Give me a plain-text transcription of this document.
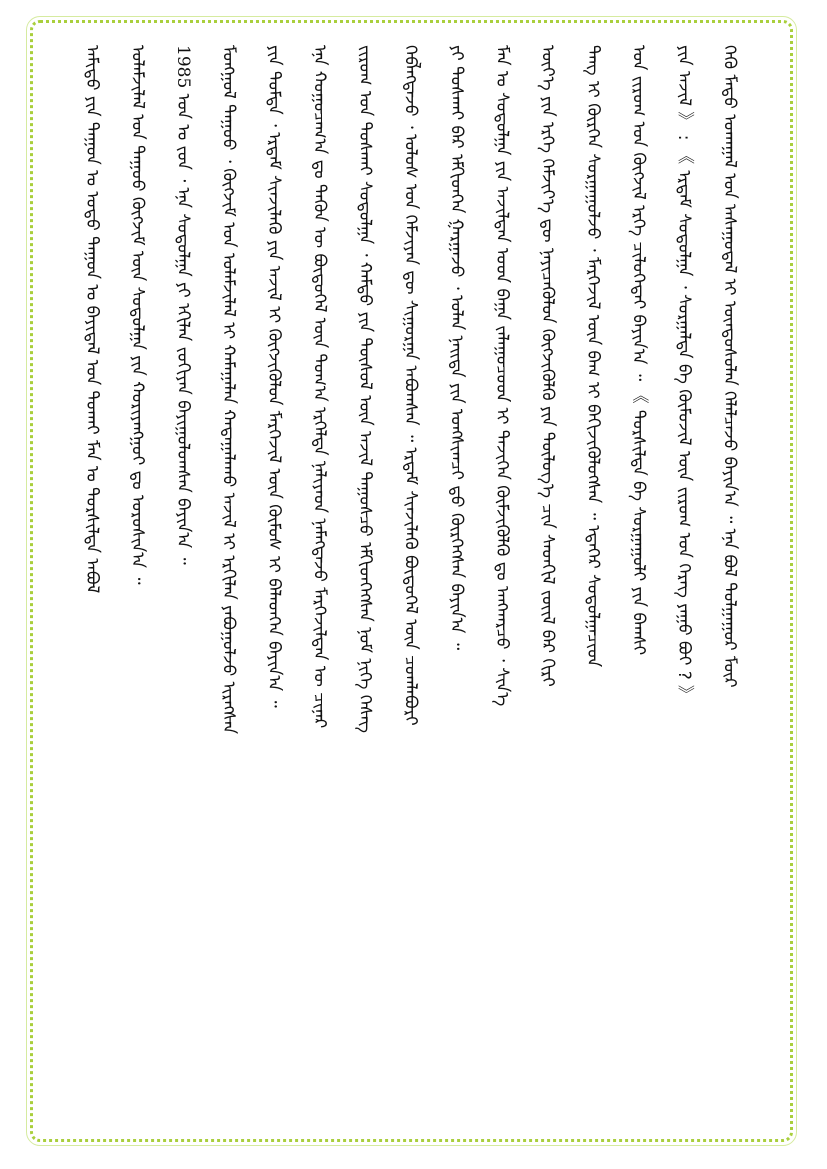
ᠠᠮᠢᠳᠤ ᠶᠢᠨ ᠲᠠᠭᠤᠨ ᠤ ᠣᠳᠣ ᠳᠠᠭᠤᠨ ᠤ ᠪᠠᠶᠢᠳᠠᠯ ᠤᠨ ᠲᠤᠬᠠᠢ ᠮᠠᠨ ᠤ ᠲᠤᠷᠰᠢᠯᠲᠠ ᠠᠪᠤᠯ	ᠤᠯᠠᠮᠵᠢᠯᠠᠯ ᠤᠨ ᠳᠠᠭᠤᠤ ᠬᠥᠭᠵᠢᠮ ᠦᠨ ᠰᠤᠳᠤᠯᠭᠠ ᠶᠢᠨ ᠬᠤᠷᠢᠶᠠᠩᠭᠤᠢ ᠳᠤ ᠣᠷᠤᠰᠢᠨ᠎ᠠ ᠃	1985 ᠣᠨ ᠤ ᠵᠤᠨ ᠂ ᠡᠨᠡ ᠰᠤᠳᠤᠯᠭᠠ ᠶᠢ ᠡᠬᠢᠯᠡᠨ ᠵᠤᠬᠢᠶᠠᠨ ᠪᠠᠶᠢᠭᠤᠯᠤᠭᠰᠠᠨ ᠪᠠᠶᠢᠨ᠎ᠠ ᠃	ᠮᠣᠩᠭᠤᠯ ᠳᠠᠭᠤᠤ ᠂ ᠬᠥᠭᠵᠢᠮ ᠤᠨ ᠤᠯᠠᠮᠵᠢᠯᠠᠯ ᠢ ᠬᠠᠮᠠᠭᠠᠯᠠᠨ ᠬᠠᠳᠠᠭᠠᠯᠠᠬᠤ ᠠᠵᠢᠯ ᠢ ᠡᠷᠬᠢᠯᠡᠨ ᠶᠠᠪᠤᠭᠤᠯᠵᠤ ᠢᠷᠡᠭᠰᠡᠨ	ᠶᠢᠨ ᠳᠤᠮᠳᠠ ᠂ ᠡᠷᠳᠡᠮ ᠰᠢᠨᠵᠢᠯᠡᠬᠦ ᠶᠢᠨ ᠠᠵᠢᠯ ᠢ ᠬᠥᠭᠵᠢᠭᠦᠯᠦᠨ ᠮᠡᠷᠭᠡᠵᠢᠯ ᠦᠨ ᠬᠦᠮᠦᠰ ᠢ ᠪᠡᠯᠡᠳᠬᠡᠨ ᠪᠠᠶᠢᠨ᠎ᠠ ᠃	ᠡᠨᠡ ᠬᠤᠭᠤᠴᠠᠭ᠎ᠠ ᠳᠤ ᠲᠡᠭᠦᠨ ᠦ ᠪᠦᠲᠦᠭᠡᠯ ᠦᠨ ᠲᠣᠭ᠎ᠠ ᠡᠷᠭᠡᠯᠲᠡ ᠨᠡᠯᠢᠶᠡᠳ ᠨᠡᠮᠡᠭᠳᠡᠵᠦ ᠮᠡᠷᠭᠡᠵᠢᠯᠲᠡᠨ ᠦ ᠴᠢᠨᠠᠷ	ᠵᠢᠷᠤᠭ ᠤᠨ ᠲᠤᠰᠬᠠᠢ ᠰᠤᠳᠤᠯᠭᠠ ᠂ ᠬᠠᠮᠲᠤ ᠶᠢᠨ ᠲᠥᠰᠥᠯ ᠦᠨ ᠠᠵᠢᠯ ᠳᠠᠭᠤᠰᠴᠤ ᠡᠮᠬᠢᠳᠬᠡᠭᠰᠡᠨ ᠨᠣᠮ ᠨᠢᠭᠡ ᠬᠡᠰᠡᠭ	ᠬᠡᠪᠯᠡᠭᠳᠡᠵᠦ ᠂ ᠤᠯᠤᠰ ᠤᠨ ᠬᠡᠮᠵᠢᠶᠡᠨ ᠳᠦ ᠰᠢᠭᠤᠷᠭᠠ ᠠᠪᠤᠭᠰᠠᠨ ᠃ ᠡᠷᠳᠡᠮ ᠰᠢᠨᠵᠢᠯᠡᠬᠦ ᠪᠦᠲᠦᠭᠡᠯ ᠦᠨ ᠴᠤᠭᠯᠠᠪᠤᠷᠢ	ᠶᠢ ᠲᠤᠰᠬᠠᠢ ᠪᠠᠷ ᠡᠮᠬᠢᠳᠬᠡᠨ ᠭᠠᠷᠭᠠᠵᠤ ᠂ ᠣᠯᠠᠨ ᠨᠡᠢᠲᠡ ᠶᠢᠨ ᠤᠩᠰᠢᠭᠴᠢ ᠳ᠋ᠤ ᠬᠦᠷᠭᠡᠭᠰᠡᠨ ᠪᠠᠶᠢᠨ᠎ᠠ ᠃	ᠮᠠᠨ ᠤ ᠰᠤᠳᠤᠯᠭᠠ ᠶᠢᠨ ᠠᠵᠢᠯᠲᠠᠨ ᠤᠳ ᠪᠠᠭᠠ ᠵᠠᠯᠠᠭᠤᠴᠤᠳ ᠢ ᠲᠡᠵᠢᠭᠡᠨ ᠬᠥᠮᠵᠢᠭᠦᠯᠬᠦ ᠳᠤ ᠠᠩᠬᠠᠷᠴᠤ ᠂ ᠰᠢᠨ᠎ᠡ	ᠦᠶ᠎ᠡ ᠶᠢᠨ ᠡᠷᠬᠡ ᠬᠡᠮᠵᠢᠶ᠎ᠡ ᠳᠦ ᠨᠡᠶᠢᠴᠡᠭᠦᠯᠦᠨ ᠬᠥᠭᠵᠢᠭᠦᠯᠬᠦ ᠶᠢᠨ ᠲᠥᠯᠥᠭ᠎ᠡ ᠴᠢᠨ ᠰᠡᠳᠬᠢᠯ ᠵᠦᠢᠯ ᠪᠠᠷ ᠬᠢᠷᠢ	ᠲᠡᠩ ᠢ ᠬᠦᠷᠭᠡᠨ ᠰᠤᠷᠭᠠᠭᠤᠯᠵᠤ ᠂ ᠮᠡᠷᠭᠡᠵᠢᠯ ᠦᠨ ᠪᠠᠭ ᠢ ᠪᠡᠬᠢᠵᠢᠭᠦᠯᠦᠭᠰᠡᠨ ᠃ ᠡᠳᠡᠭᠡᠷ ᠰᠤᠳᠤᠯᠭᠠᠴᠢᠳ	ᠤᠨ ᠵᠢᠷᠤᠭ ᠤᠨ ᠬᠥᠭᠵᠢᠯ ᠡᠷᠬᠡ ᠴᠢᠯᠥᠭᠡᠲᠡᠢ ᠪᠠᠶᠢᠨ᠎ᠠ ᠃ 《 ᠲᠤᠷᠰᠢᠯᠲᠠ ᠪᠠ ᠰᠤᠷᠭᠠᠭᠤᠯᠢ ᠶᠢᠨ ᠪᠠᠭᠰᠢ	ᠶᠢᠨ ᠠᠵᠢᠯ 》 : 《 ᠡᠷᠳᠡᠮ ᠰᠤᠳᠤᠯᠭᠠ ᠂ ᠰᠤᠷᠭᠠᠯᠲᠠ ᠪᠠ ᠬᠦᠮᠦᠵᠢᠯ ᠦᠨ ᠵᠢᠷᠤᠭ ᠤᠨ ᠬᠡᠷᠡᠭ ᠶᠠᠭᠤ ᠪᠤᠢ ? 》	ᠭᠡᠬᠦ ᠮᠡᠲᠦ ᠤᠬᠠᠭᠠᠯ ᠤᠨ ᠠᠰᠠᠭᠤᠳᠠᠯ ᠢ ᠦᠨᠳᠦᠰᠦᠯᠡᠨ ᠬᠡᠯᠡᠯᠴᠡᠵᠦ ᠪᠠᠶᠢᠨ᠎ᠠ ᠃ ᠡᠨᠡ ᠪᠣᠯ ᠲᠤᠯᠭᠠᠭᠤᠷ ᠮᠥᠷ
